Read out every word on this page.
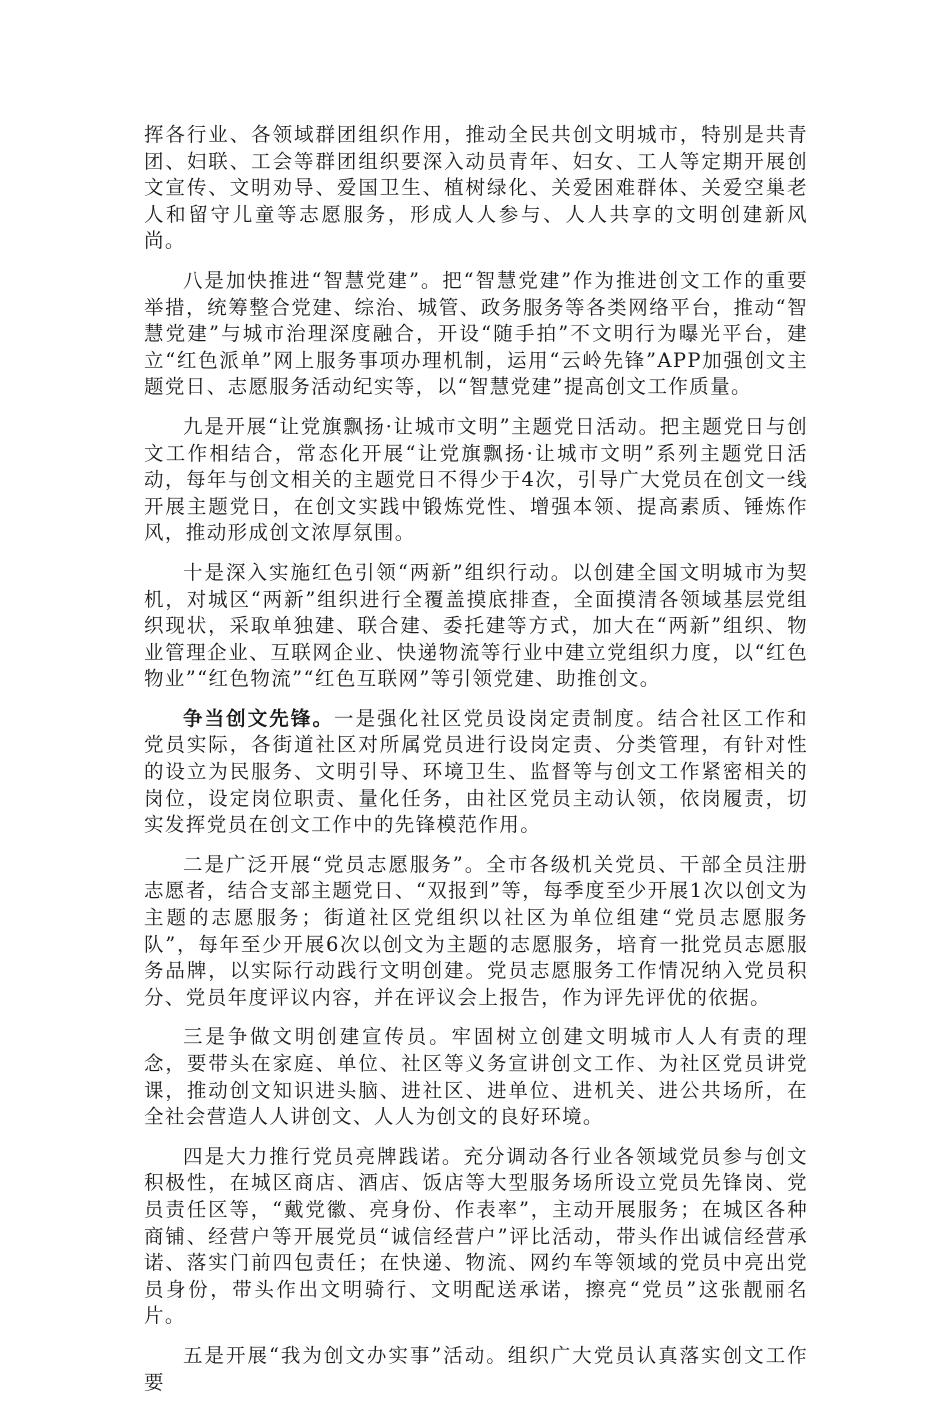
挥各行业、各领域群团组织作用，推动全民共创文明城市，特别是共青团、妇联、工会等群团组织要深入动员青年、妇女、工人等定期开展创文宣传、文明劝导、爱国卫生、植树绿化、关爱困难群体、关爱空巢老人和留守儿童等志愿服务，形成人人参与、人人共享的文明创建新风尚。

八是加快推进“智慧党建”。把“智慧党建”作为推进创文工作的重要举措，统筹整合党建、综治、城管、政务服务等各类网络平台，推动“智慧党建”与城市治理深度融合，开设“随手拍”不文明行为曝光平台，建立“红色派单”网上服务事项办理机制，运用“云岭先锋”APP加强创文主题党日、志愿服务活动纪实等，以“智慧党建”提高创文工作质量。

九是开展“让党旗飘扬·让城市文明”主题党日活动。把主题党日与创文工作相结合，常态化开展“让党旗飘扬·让城市文明”系列主题党日活动，每年与创文相关的主题党日不得少于4次，引导广大党员在创文一线开展主题党日，在创文实践中锻炼党性、增强本领、提高素质、锤炼作风，推动形成创文浓厚氛围。

十是深入实施红色引领“两新”组织行动。以创建全国文明城市为契机，对城区“两新”组织进行全覆盖摸底排查，全面摸清各领域基层党组织现状，采取单独建、联合建、委托建等方式，加大在“两新”组织、物业管理企业、互联网企业、快递物流等行业中建立党组织力度，以“红色物业”“红色物流”“红色互联网”等引领党建、助推创文。

争当创文先锋。一是强化社区党员设岗定责制度。结合社区工作和党员实际，各街道社区对所属党员进行设岗定责、分类管理，有针对性的设立为民服务、文明引导、环境卫生、监督等与创文工作紧密相关的岗位，设定岗位职责、量化任务，由社区党员主动认领，依岗履责，切实发挥党员在创文工作中的先锋模范作用。

二是广泛开展“党员志愿服务”。全市各级机关党员、干部全员注册志愿者，结合支部主题党日、“双报到”等，每季度至少开展1次以创文为主题的志愿服务；街道社区党组织以社区为单位组建“党员志愿服务队”，每年至少开展6次以创文为主题的志愿服务，培育一批党员志愿服务品牌，以实际行动践行文明创建。党员志愿服务工作情况纳入党员积分、党员年度评议内容，并在评议会上报告，作为评先评优的依据。

三是争做文明创建宣传员。牢固树立创建文明城市人人有责的理念，要带头在家庭、单位、社区等义务宣讲创文工作、为社区党员讲党课，推动创文知识进头脑、进社区、进单位、进机关、进公共场所，在全社会营造人人讲创文、人人为创文的良好环境。

四是大力推行党员亮牌践诺。充分调动各行业各领域党员参与创文积极性，在城区商店、酒店、饭店等大型服务场所设立党员先锋岗、党员责任区等，“戴党徽、亮身份、作表率”，主动开展服务；在城区各种商铺、经营户等开展党员“诚信经营户”评比活动，带头作出诚信经营承诺、落实门前四包责任；在快递、物流、网约车等领域的党员中亮出党员身份，带头作出文明骑行、文明配送承诺，擦亮“党员”这张靓丽名片。

五是开展“我为创文办实事”活动。组织广大党员认真落实创文工作要
